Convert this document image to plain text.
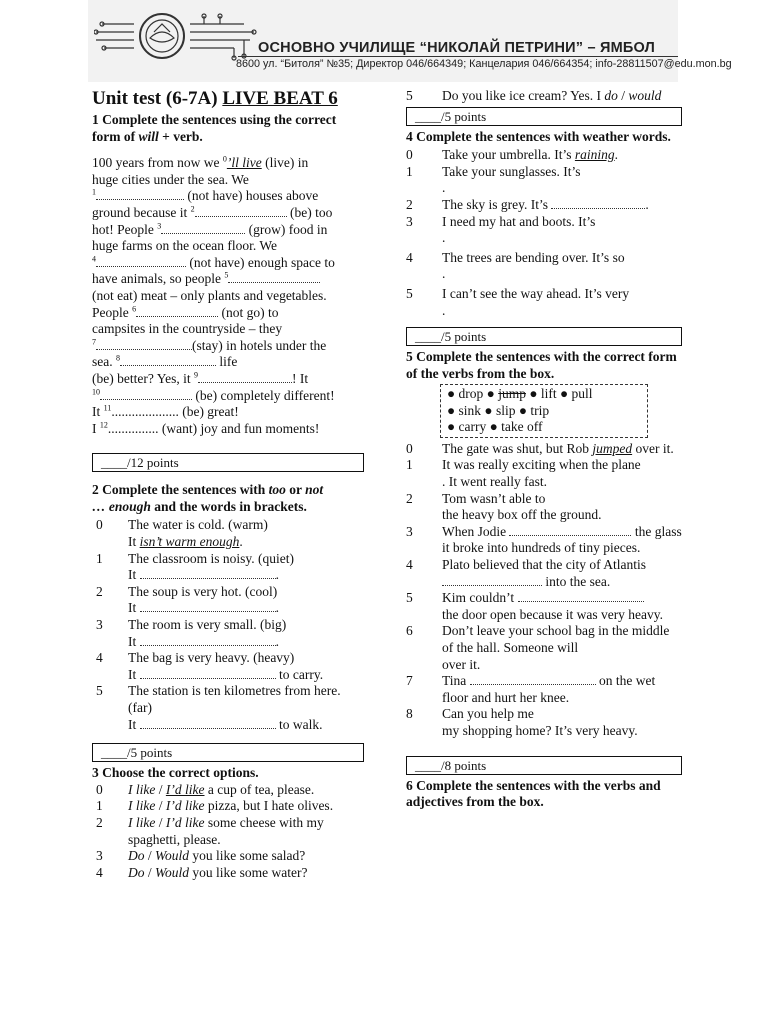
ОСНОВНО УЧИЛИЩЕ “НИКОЛАЙ ПЕТРИНИ” – ЯМБОЛ
8600 ул. “Битоля” №35; Директор 046/664349; Канцелария 046/664354; info-28811507@edu.mon.bg
Unit test (6-7A) LIVE BEAT 6
1 Complete the sentences using the correct form of will + verb.

100 years from now we $^0$’ll live (live) in

huge cities under the sea. We

$^1$	(not have) houses above

ground because it $^2$	(be) too

hot! People $^3$	(grow) food in

huge farms on the ocean floor. We

$^4$	(not have) enough space to

have animals, so people $^5$

(not eat) meat – only plants and vegetables.

People $^6$	(not go) to

campsites in the countryside – they

$^7$	(stay) in hotels under the

sea. $^8$	life

(be) better? Yes, it $^9$	! It

$^{10}$	(be) completely different!

It $^{11}$.................... (be) great!

I $^{12}$............... (want) joy and fun moments!

____/12 points
2 Complete the sentences with too or not
… enough and the words in brackets.
0	The water is cold. (warm)
It isn’t warm enough.
1	The classroom is noisy. (quiet)
It	.
2	The soup is very hot. (cool)
It	.
3	The room is very small. (big)
It	.
4	The bag is very heavy. (heavy)
It	to carry.
5	The station is ten kilometres from here. (far)
It	to walk.
____/5 points
3 Choose the correct options.
0	I like / I’d like a cup of tea, please.
1	I like / I’d like pizza, but I hate olives.
2	I like / I’d like some cheese with my spaghetti, please.
3	Do / Would you like some salad?
4	Do / Would you like some water?
5	Do you like ice cream? Yes. I do / would
____/5 points
4 Complete the sentences with weather words.
0	Take your umbrella. It’s raining.
1	Take your sunglasses. It’s
.
2	The sky is grey. It’s	.
3	I need my hat and boots. It’s
.
4	The trees are bending over. It’s so
.
5	I can’t see the way ahead. It’s very
.
____/5 points
5 Complete the sentences with the correct form of the verbs from the box.
● drop ● jump ● lift ● pull
● sink ● slip ● trip
● carry ● take off
0	The gate was shut, but Rob jumped over it.
1	It was really exciting when the plane
. It went really fast.
2	Tom wasn’t able to
the heavy box off the ground.
3	When Jodie	the glass it broke into hundreds of tiny pieces.
4	Plato believed that the city of Atlantis  into the sea.
5	Kim couldn’t
the door open because it was very heavy.
6	Don’t leave your school bag in the middle of the hall. Someone will
over it.
7	Tina	on the wet floor and hurt her knee.
8	Can you help me
my shopping home? It’s very heavy.
____/8 points
6 Complete the sentences with the verbs and adjectives from the box.
